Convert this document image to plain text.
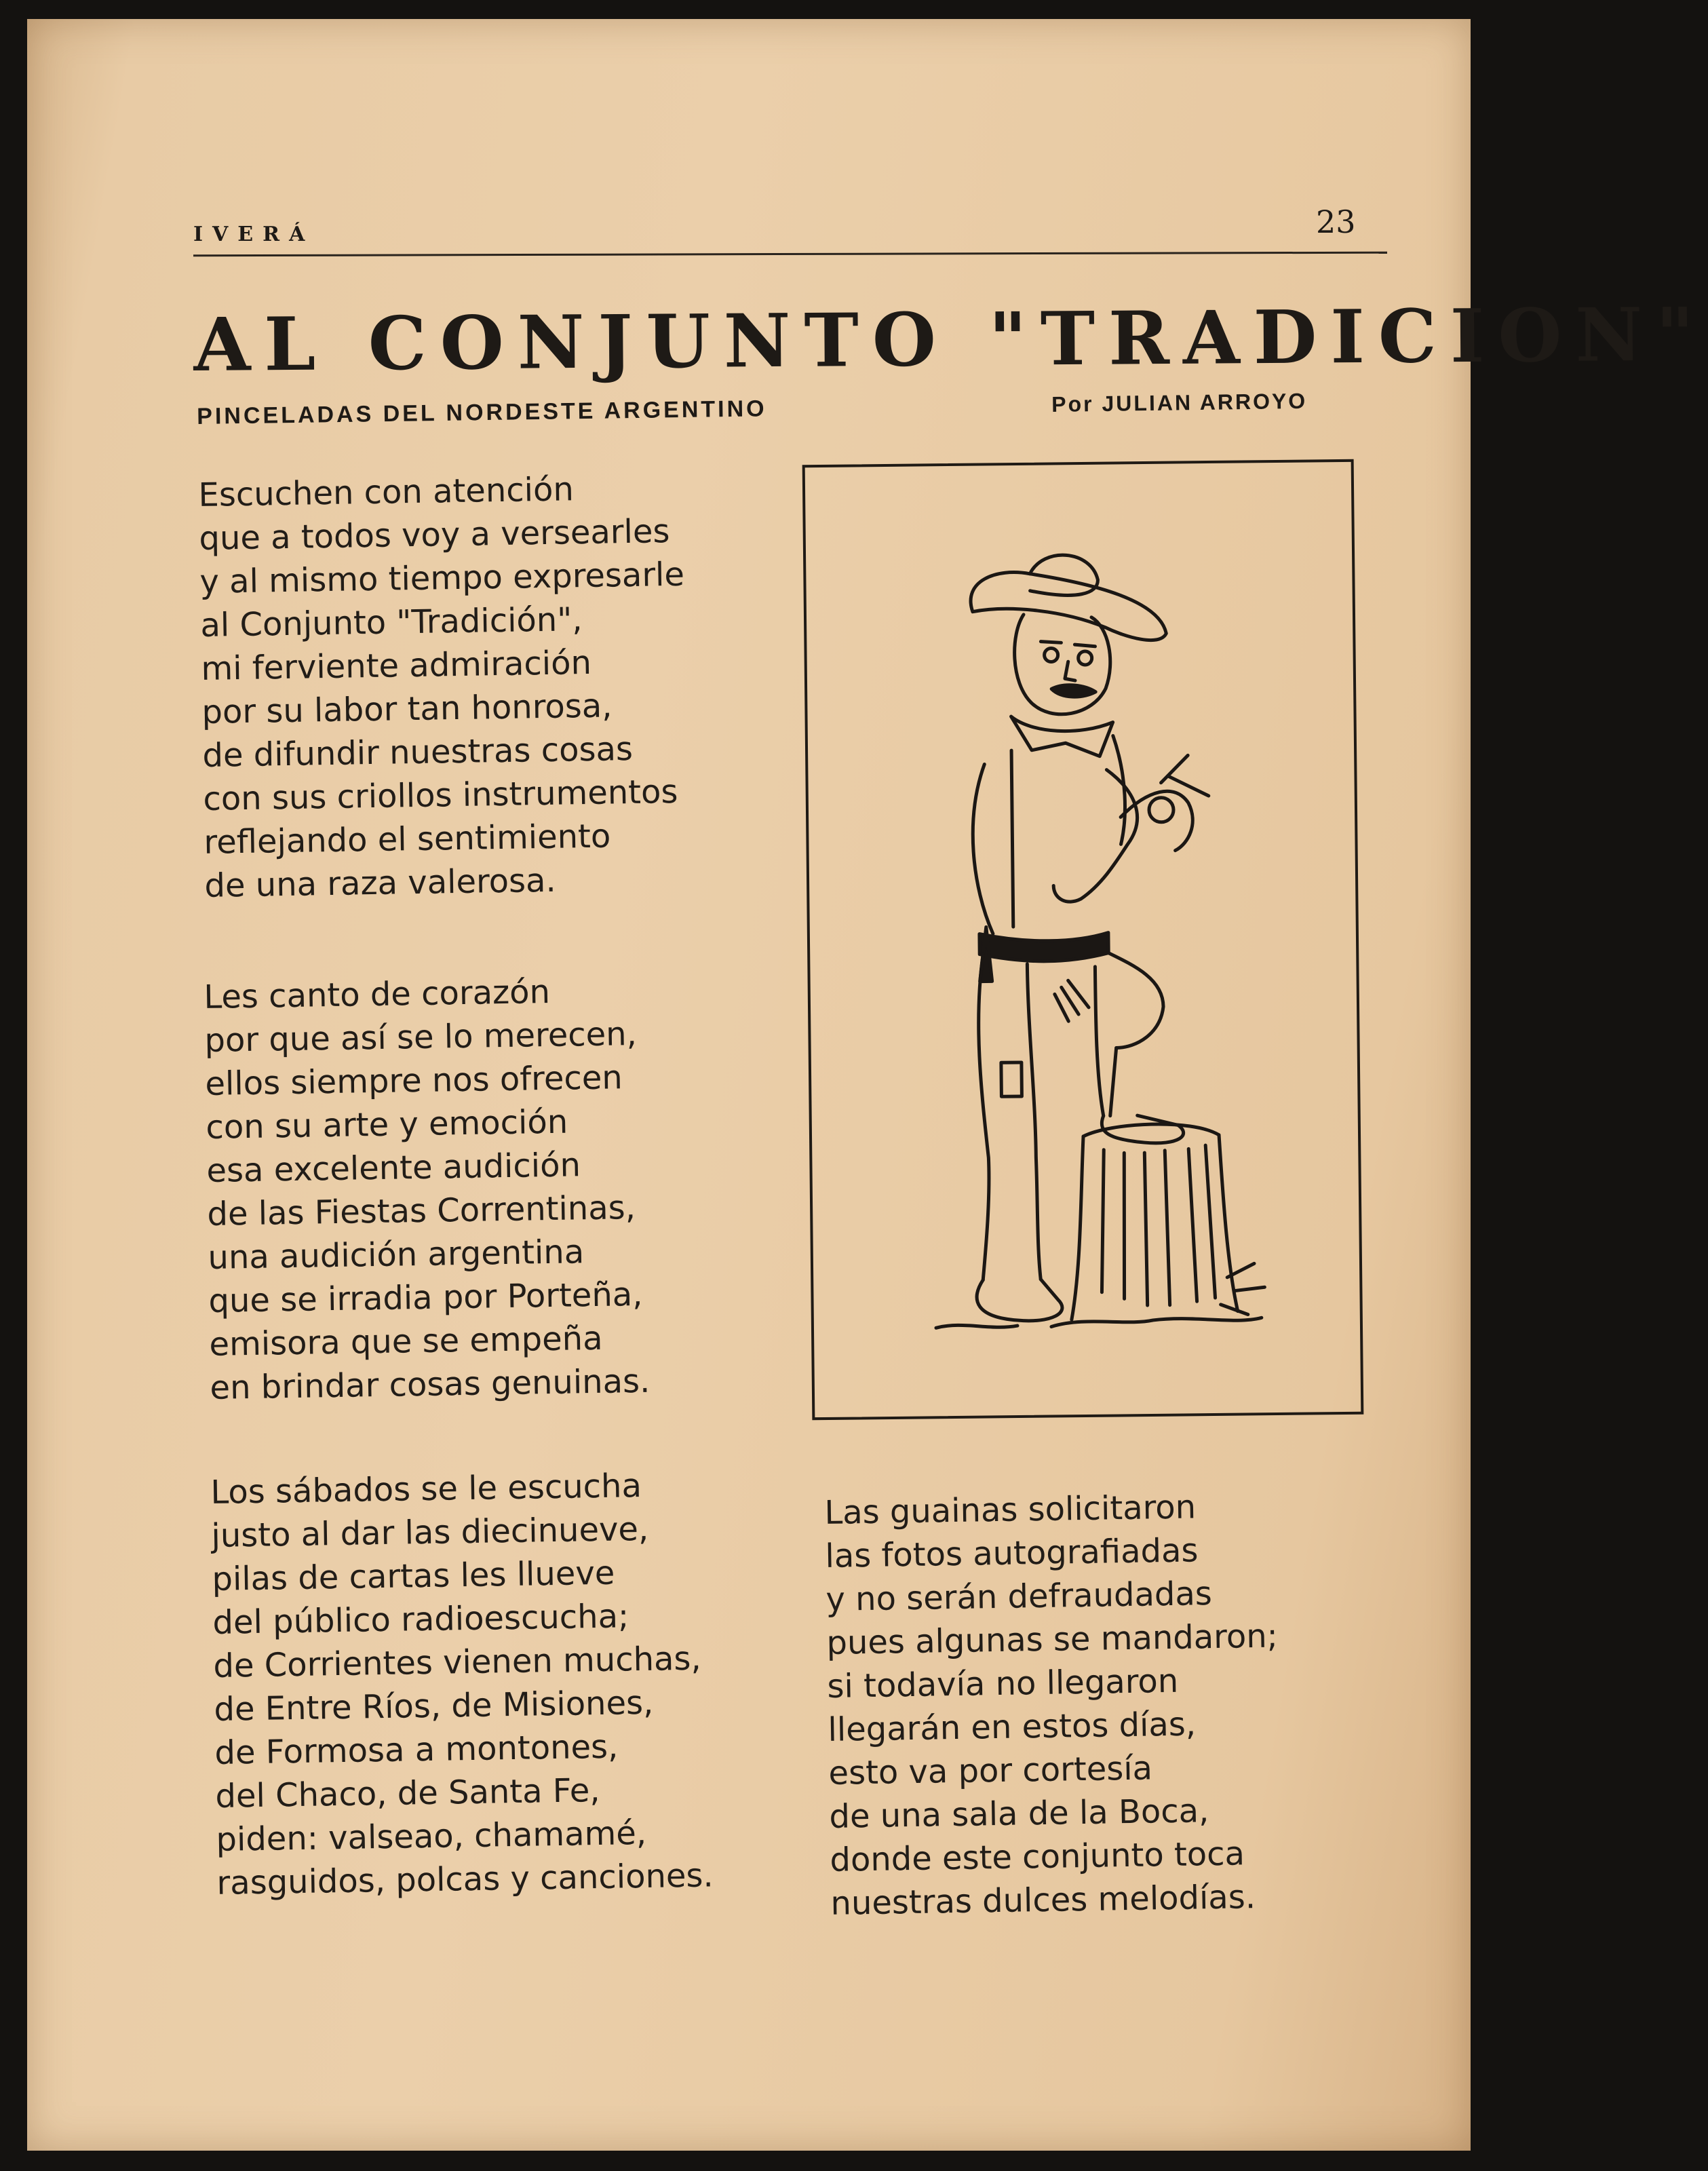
IVERÁ	23
AL CONJUNTO "TRADICION"
PINCELADAS DEL NORDESTE ARGENTINO	Por JULIAN ARROYO
Escuchen con atención
que a todos voy a versearles
y al mismo tiempo expresarle
al Conjunto "Tradición",
mi ferviente admiración
por su labor tan honrosa,
de difundir nuestras cosas
con sus criollos instrumentos
reflejando el sentimiento
de una raza valerosa.
Les canto de corazón
por que así se lo merecen,
ellos siempre nos ofrecen
con su arte y emoción
esa excelente audición
de las Fiestas Correntinas,
una audición argentina
que se irradia por Porteña,
emisora que se empeña
en brindar cosas genuinas.
Los sábados se le escucha
justo al dar las diecinueve,
pilas de cartas les llueve
del público radioescucha;
de Corrientes vienen muchas,
de Entre Ríos, de Misiones,
de Formosa a montones,
del Chaco, de Santa Fe,
piden: valseao, chamamé,
rasguidos, polcas y canciones.
Las guainas solicitaron
las fotos autografiadas
y no serán defraudadas
pues algunas se mandaron;
si todavía no llegaron
llegarán en estos días,
esto va por cortesía
de una sala de la Boca,
donde este conjunto toca
nuestras dulces melodías.
